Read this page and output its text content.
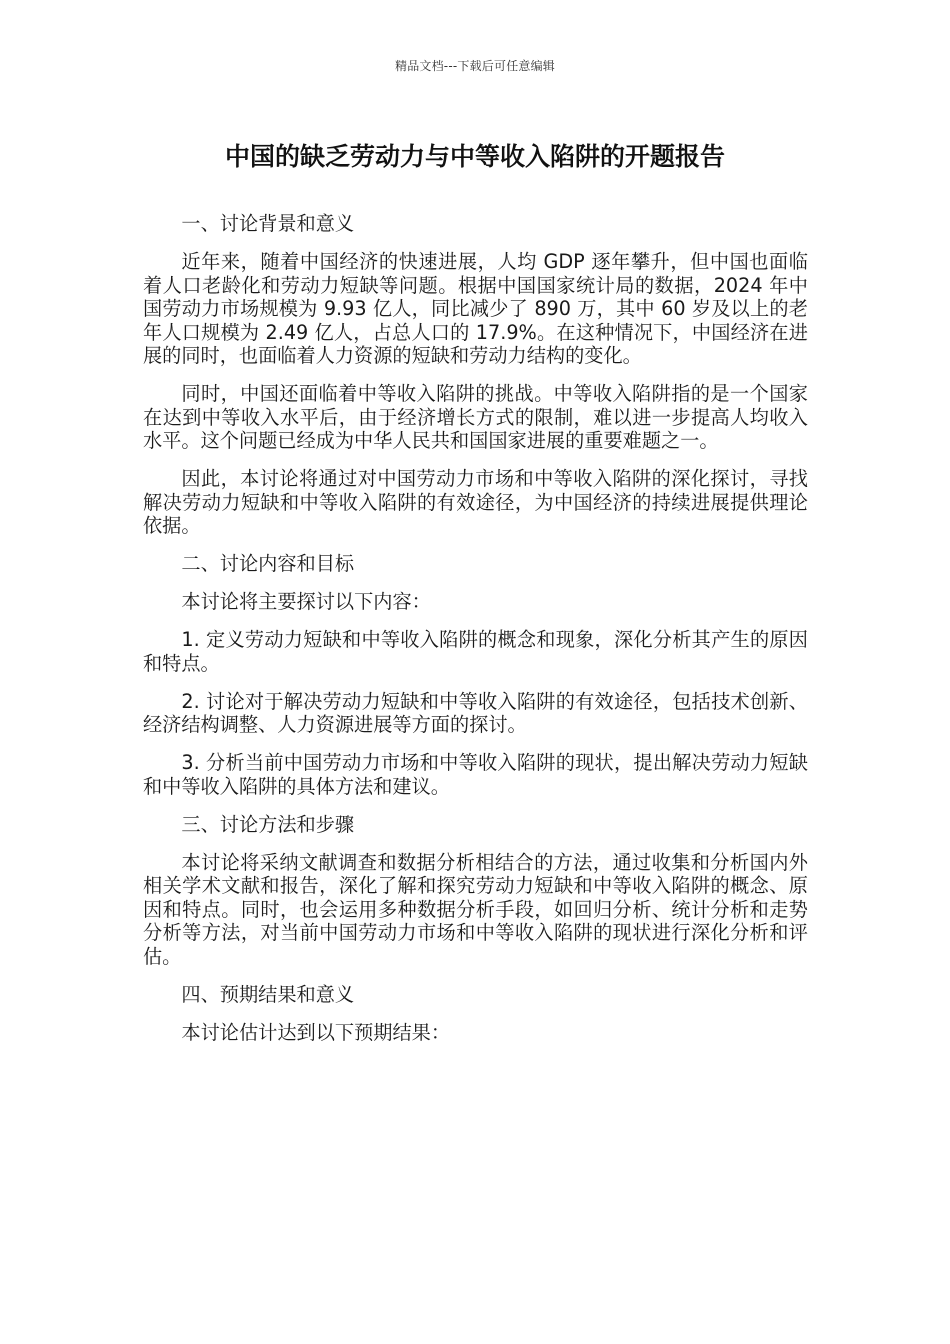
精品文档---下载后可任意编辑
中国的缺乏劳动力与中等收入陷阱的开题报告

一、讨论背景和意义

近年来，随着中国经济的快速进展，人均 GDP 逐年攀升，但中国也面临着人口老龄化和劳动力短缺等问题。根据中国国家统计局的数据，2024 年中国劳动力市场规模为 9.93 亿人，同比减少了 890 万，其中 60 岁及以上的老年人口规模为 2.49 亿人，占总人口的 17.9%。在这种情况下，中国经济在进展的同时，也面临着人力资源的短缺和劳动力结构的变化。

同时，中国还面临着中等收入陷阱的挑战。中等收入陷阱指的是一个国家在达到中等收入水平后，由于经济增长方式的限制，难以进一步提高人均收入水平。这个问题已经成为中华人民共和国国家进展的重要难题之一。

因此，本讨论将通过对中国劳动力市场和中等收入陷阱的深化探讨，寻找解决劳动力短缺和中等收入陷阱的有效途径，为中国经济的持续进展提供理论依据。

二、讨论内容和目标

本讨论将主要探讨以下内容：

1. 定义劳动力短缺和中等收入陷阱的概念和现象，深化分析其产生的原因和特点。

2. 讨论对于解决劳动力短缺和中等收入陷阱的有效途径，包括技术创新、经济结构调整、人力资源进展等方面的探讨。

3. 分析当前中国劳动力市场和中等收入陷阱的现状，提出解决劳动力短缺和中等收入陷阱的具体方法和建议。

三、讨论方法和步骤

本讨论将采纳文献调查和数据分析相结合的方法，通过收集和分析国内外相关学术文献和报告，深化了解和探究劳动力短缺和中等收入陷阱的概念、原因和特点。同时，也会运用多种数据分析手段，如回归分析、统计分析和走势分析等方法，对当前中国劳动力市场和中等收入陷阱的现状进行深化分析和评估。

四、预期结果和意义

本讨论估计达到以下预期结果：
